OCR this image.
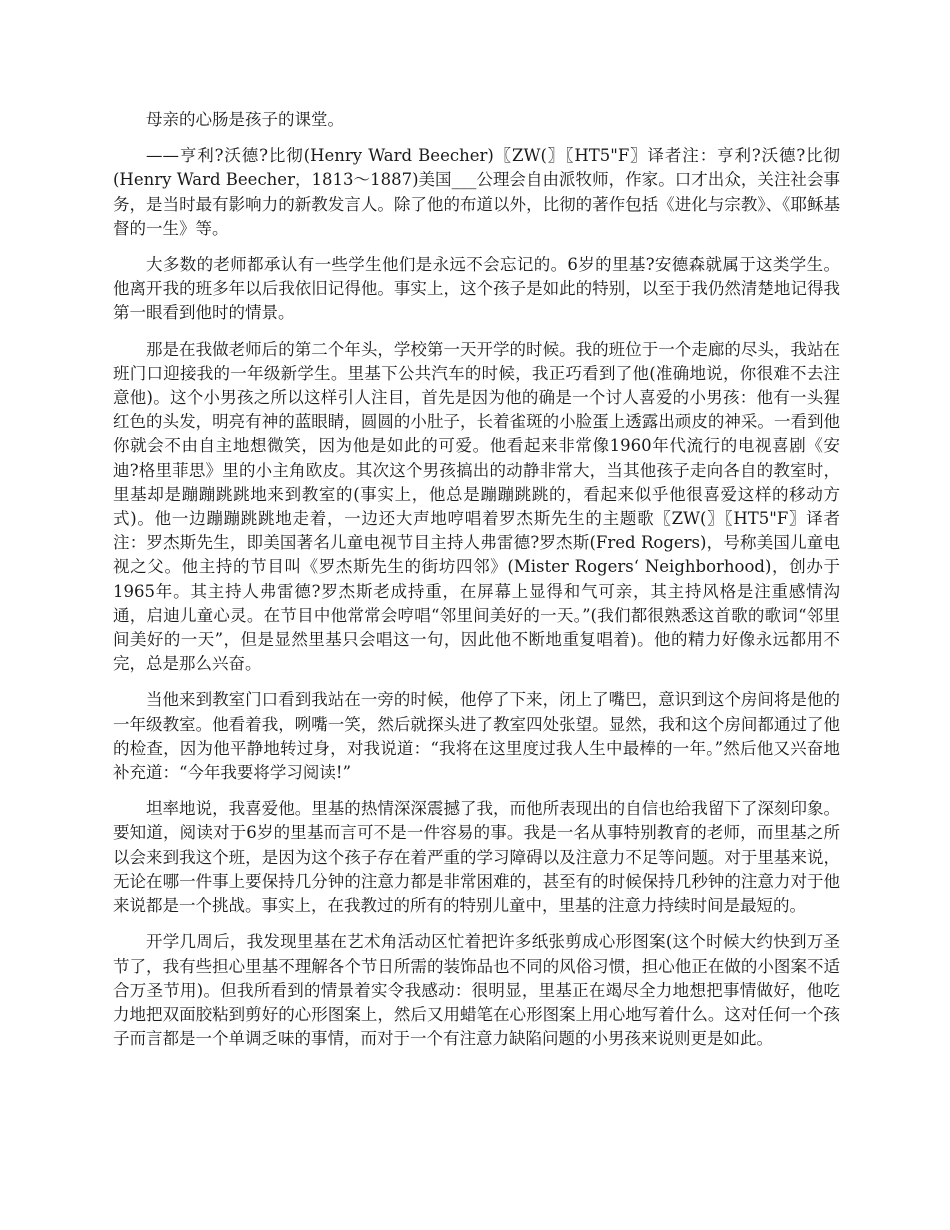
母亲的心肠是孩子的课堂。

——亨利?沃德?比彻(Henry Ward Beecher)〖ZW(〗〖HT5"F〗译者注：亨利?沃德?比彻(Henry Ward Beecher，1813～1887)美国___公理会自由派牧师，作家。口才出众，关注社会事务，是当时最有影响力的新教发言人。除了他的布道以外，比彻的著作包括《进化与宗教》、《耶稣基督的一生》等。

大多数的老师都承认有一些学生他们是永远不会忘记的。6岁的里基?安德森就属于这类学生。他离开我的班多年以后我依旧记得他。事实上，这个孩子是如此的特别，以至于我仍然清楚地记得我第一眼看到他时的情景。

那是在我做老师后的第二个年头，学校第一天开学的时候。我的班位于一个走廊的尽头，我站在班门口迎接我的一年级新学生。里基下公共汽车的时候，我正巧看到了他(准确地说，你很难不去注意他)。这个小男孩之所以这样引人注目，首先是因为他的确是一个讨人喜爱的小男孩：他有一头猩红色的头发，明亮有神的蓝眼睛，圆圆的小肚子，长着雀斑的小脸蛋上透露出顽皮的神采。一看到他你就会不由自主地想微笑，因为他是如此的可爱。他看起来非常像1960年代流行的电视喜剧《安迪?格里菲思》里的小主角欧皮。其次这个男孩搞出的动静非常大，当其他孩子走向各自的教室时，里基却是蹦蹦跳跳地来到教室的(事实上，他总是蹦蹦跳跳的，看起来似乎他很喜爱这样的移动方式)。他一边蹦蹦跳跳地走着，一边还大声地哼唱着罗杰斯先生的主题歌〖ZW(〗〖HT5"F〗译者注：罗杰斯先生，即美国著名儿童电视节目主持人弗雷德?罗杰斯(Fred Rogers)，号称美国儿童电视之父。他主持的节目叫《罗杰斯先生的街坊四邻》(Mister Rogers‘ Neighborhood)，创办于1965年。其主持人弗雷德?罗杰斯老成持重，在屏幕上显得和气可亲，其主持风格是注重感情沟通，启迪儿童心灵。在节目中他常常会哼唱“邻里间美好的一天。”(我们都很熟悉这首歌的歌词“邻里间美好的一天”，但是显然里基只会唱这一句，因此他不断地重复唱着)。他的精力好像永远都用不完，总是那么兴奋。

当他来到教室门口看到我站在一旁的时候，他停了下来，闭上了嘴巴，意识到这个房间将是他的一年级教室。他看着我，咧嘴一笑，然后就探头进了教室四处张望。显然，我和这个房间都通过了他的检查，因为他平静地转过身，对我说道：“我将在这里度过我人生中最棒的一年。”然后他又兴奋地补充道：“今年我要将学习阅读!”

坦率地说，我喜爱他。里基的热情深深震撼了我，而他所表现出的自信也给我留下了深刻印象。要知道，阅读对于6岁的里基而言可不是一件容易的事。我是一名从事特别教育的老师，而里基之所以会来到我这个班，是因为这个孩子存在着严重的学习障碍以及注意力不足等问题。对于里基来说，无论在哪一件事上要保持几分钟的注意力都是非常困难的，甚至有的时候保持几秒钟的注意力对于他来说都是一个挑战。事实上，在我教过的所有的特别儿童中，里基的注意力持续时间是最短的。

开学几周后，我发现里基在艺术角活动区忙着把许多纸张剪成心形图案(这个时候大约快到万圣节了，我有些担心里基不理解各个节日所需的装饰品也不同的风俗习惯，担心他正在做的小图案不适合万圣节用)。但我所看到的情景着实令我感动：很明显，里基正在竭尽全力地想把事情做好，他吃力地把双面胶粘到剪好的心形图案上，然后又用蜡笔在心形图案上用心地写着什么。这对任何一个孩子而言都是一个单调乏味的事情，而对于一个有注意力缺陷问题的小男孩来说则更是如此。
